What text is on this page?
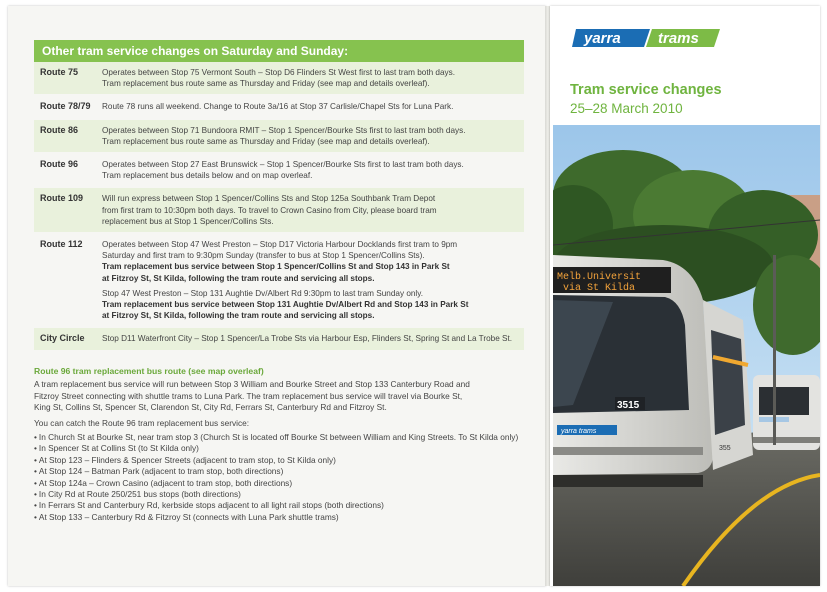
Other tram service changes on Saturday and Sunday:
Route 75	Operates between Stop 75 Vermont South – Stop D6 Flinders St West first to last tram both days.
Tram replacement bus route same as Thursday and Friday (see map and details overleaf).
Route 78/79	Route 78 runs all weekend. Change to Route 3a/16 at Stop 37 Carlisle/Chapel Sts for Luna Park.
Route 86	Operates between Stop 71 Bundoora RMIT – Stop 1 Spencer/Bourke Sts first to last tram both days.
Tram replacement bus route same as Thursday and Friday (see map and details overleaf).
Route 96	Operates between Stop 27 East Brunswick – Stop 1 Spencer/Bourke Sts first to last tram both days.
Tram replacement bus details below and on map overleaf.
Route 109	Will run express between Stop 1 Spencer/Collins Sts and Stop 125a Southbank Tram Depot
from first tram to 10:30pm both days. To travel to Crown Casino from City, please board tram
replacement bus at Stop 1 Spencer/Collins Sts.
Route 112	Operates between Stop 47 West Preston – Stop D17 Victoria Harbour Docklands first tram to 9pm
Saturday and first tram to 9:30pm Sunday (transfer to bus at Stop 1 Spencer/Collins Sts).
Tram replacement bus service between Stop 1 Spencer/Collins St and Stop 143 in Park St
at Fitzroy St, St Kilda, following the tram route and servicing all stops.
Stop 47 West Preston – Stop 131 Aughtie Dv/Albert Rd 9:30pm to last tram Sunday only.
Tram replacement bus service between Stop 131 Aughtie Dv/Albert Rd and Stop 143 in Park St
at Fitzroy St, St Kilda, following the tram route and servicing all stops.
City Circle	Stop D11 Waterfront City – Stop 1 Spencer/La Trobe Sts via Harbour Esp, Flinders St, Spring St and La Trobe St.
Route 96 tram replacement bus route (see map overleaf)
A tram replacement bus service will run between Stop 3 William and Bourke Street and Stop 133 Canterbury Road and
Fitzroy Street connecting with shuttle trams to Luna Park. The tram replacement bus service will travel via Bourke St,
King St, Collins St, Spencer St, Clarendon St, City Rd, Ferrars St, Canterbury Rd and Fitzroy St.
You can catch the Route 96 tram replacement bus service:
• In Church St at Bourke St, near tram stop 3 (Church St is located off Bourke St between William and King Streets. To St Kilda only)
• In Spencer St at Collins St (to St Kilda only)
• At Stop 123 – Flinders & Spencer Streets (adjacent to tram stop, to St Kilda only)
• At Stop 124 – Batman Park (adjacent to tram stop, both directions)
• At Stop 124a – Crown Casino (adjacent to tram stop, both directions)
• In City Rd at Route 250/251 bus stops (both directions)
• In Ferrars St and Canterbury Rd, kerbside stops adjacent to all light rail stops (both directions)
• At Stop 133 – Canterbury Rd & Fitzroy St (connects with Luna Park shuttle trams)
yarra trams
Tram service changes
25–28 March 2010
Melb.Universit
via St Kilda
3515
yarra trams
355
